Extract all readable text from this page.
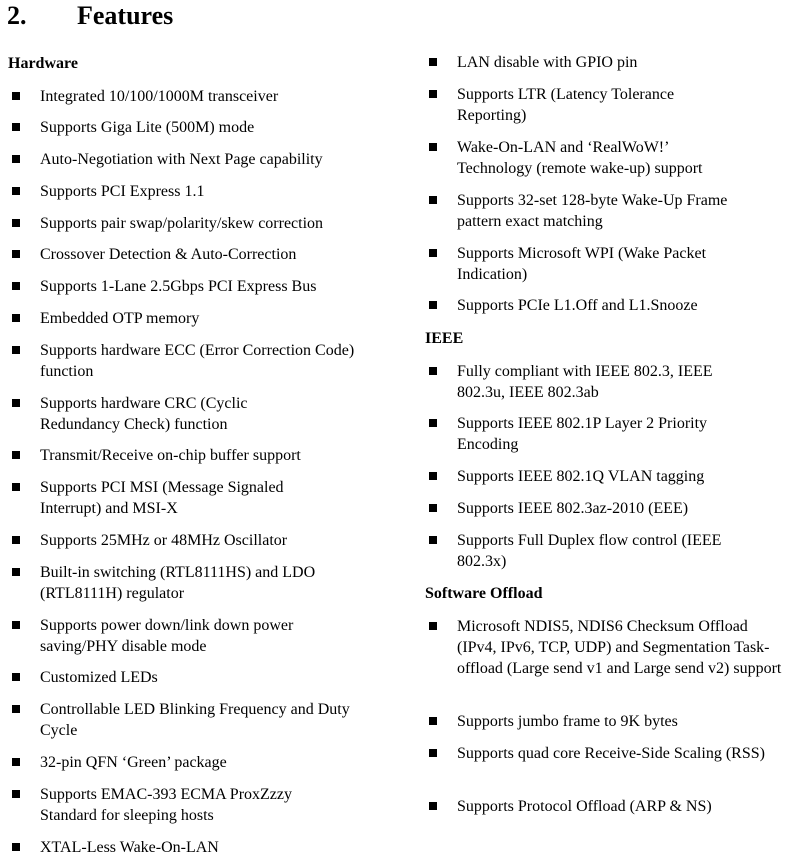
2. Features
Hardware
Integrated 10/100/1000M transceiver
Supports Giga Lite (500M) mode
Auto-Negotiation with Next Page capability
Supports PCI Express 1.1
Supports pair swap/polarity/skew correction
Crossover Detection & Auto-Correction
Supports 1-Lane 2.5Gbps PCI Express Bus
Embedded OTP memory
Supports hardware ECC (Error Correction Code) function
Supports hardware CRC (Cyclic Redundancy Check) function
Transmit/Receive on-chip buffer support
Supports PCI MSI (Message Signaled Interrupt) and MSI-X
Supports 25MHz or 48MHz Oscillator
Built-in switching (RTL8111HS) and LDO (RTL8111H) regulator
Supports power down/link down power saving/PHY disable mode
Customized LEDs
Controllable LED Blinking Frequency and Duty Cycle
32-pin QFN ‘Green’ package
Supports EMAC-393 ECMA ProxZzzy Standard for sleeping hosts
XTAL-Less Wake-On-LAN
LAN disable with GPIO pin
Supports LTR (Latency Tolerance Reporting)
Wake-On-LAN and ‘RealWoW!’ Technology (remote wake-up) support
Supports 32-set 128-byte Wake-Up Frame pattern exact matching
Supports Microsoft WPI (Wake Packet Indication)
Supports PCIe L1.Off and L1.Snooze
IEEE
Fully compliant with IEEE 802.3, IEEE 802.3u, IEEE 802.3ab
Supports IEEE 802.1P Layer 2 Priority Encoding
Supports IEEE 802.1Q VLAN tagging
Supports IEEE 802.3az-2010 (EEE)
Supports Full Duplex flow control (IEEE 802.3x)
Software Offload
Microsoft NDIS5, NDIS6 Checksum Offload (IPv4, IPv6, TCP, UDP) and Segmentation Task-offload (Large send v1 and Large send v2) support
Supports jumbo frame to 9K bytes
Supports quad core Receive-Side Scaling (RSS)
Supports Protocol Offload (ARP & NS)
